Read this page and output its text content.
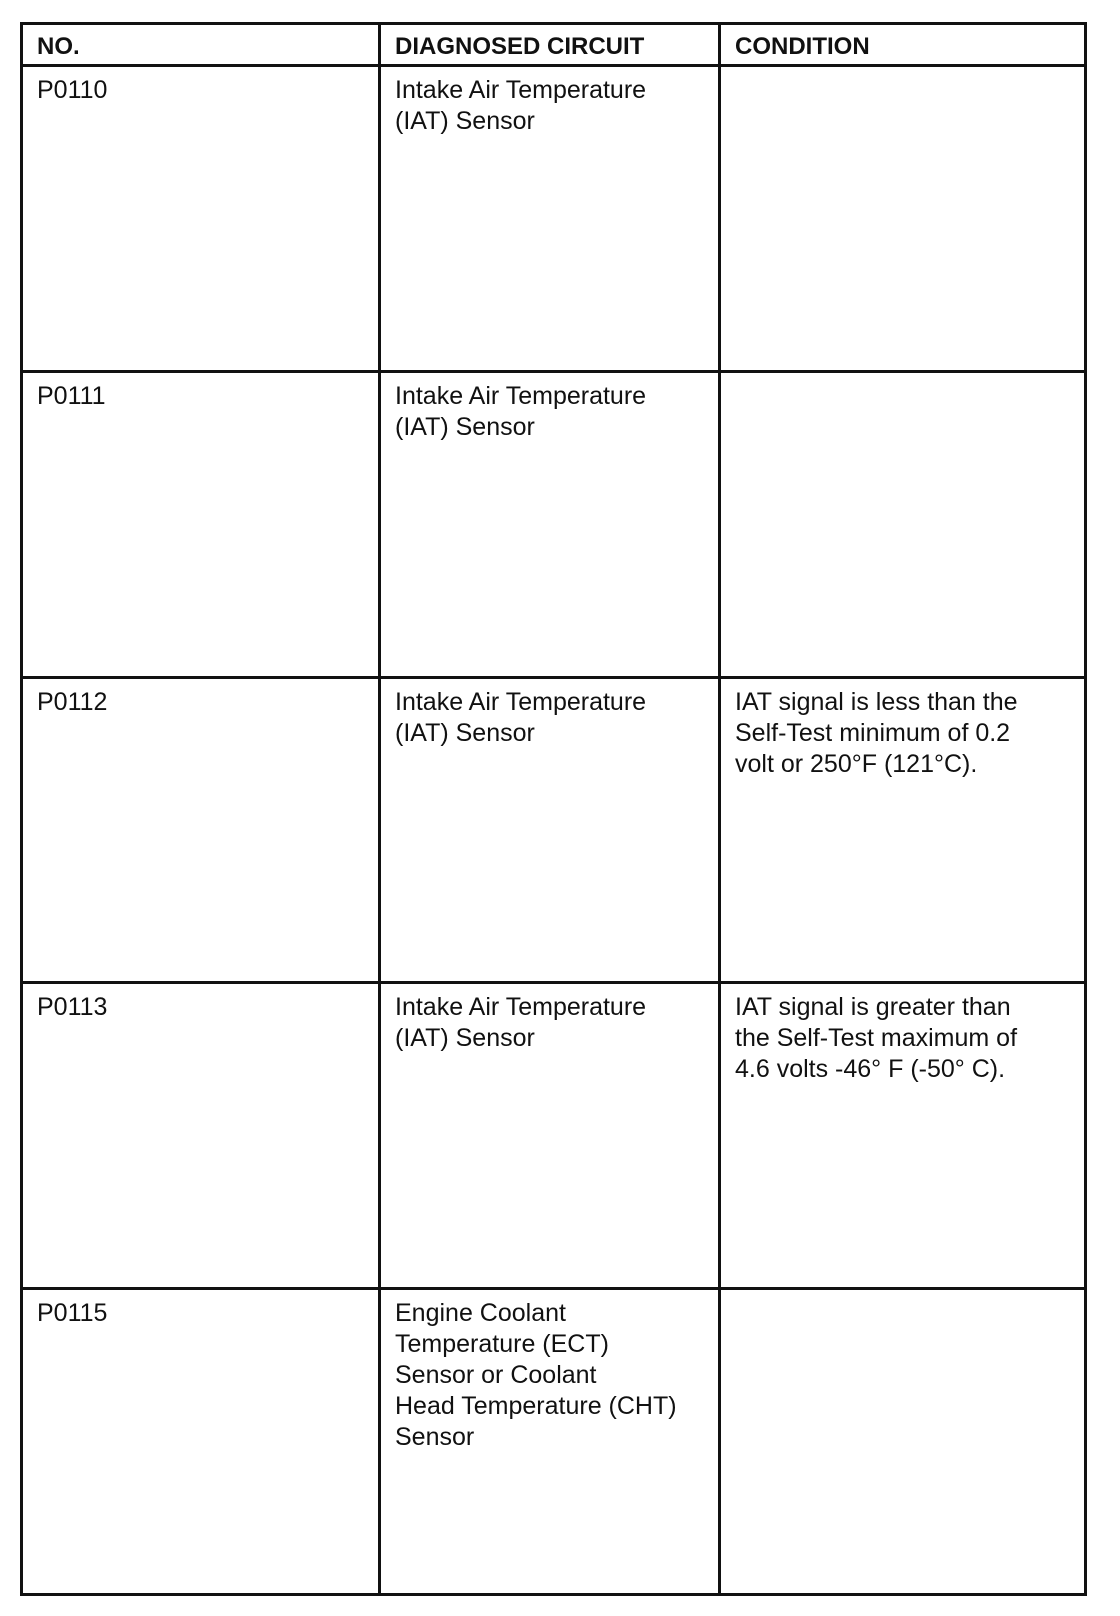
NO.	DIAGNOSED CIRCUIT	CONDITION
P0110	Intake Air Temperature
(IAT) Sensor	
P0111	Intake Air Temperature
(IAT) Sensor	
P0112	Intake Air Temperature
(IAT) Sensor	IAT signal is less than the
Self-Test minimum of 0.2
volt or 250°F (121°C).
P0113	Intake Air Temperature
(IAT) Sensor	IAT signal is greater than
the Self-Test maximum of
4.6 volts -46° F (-50° C).
P0115	Engine Coolant
Temperature (ECT)
Sensor or Coolant
Head Temperature (CHT)
Sensor	
